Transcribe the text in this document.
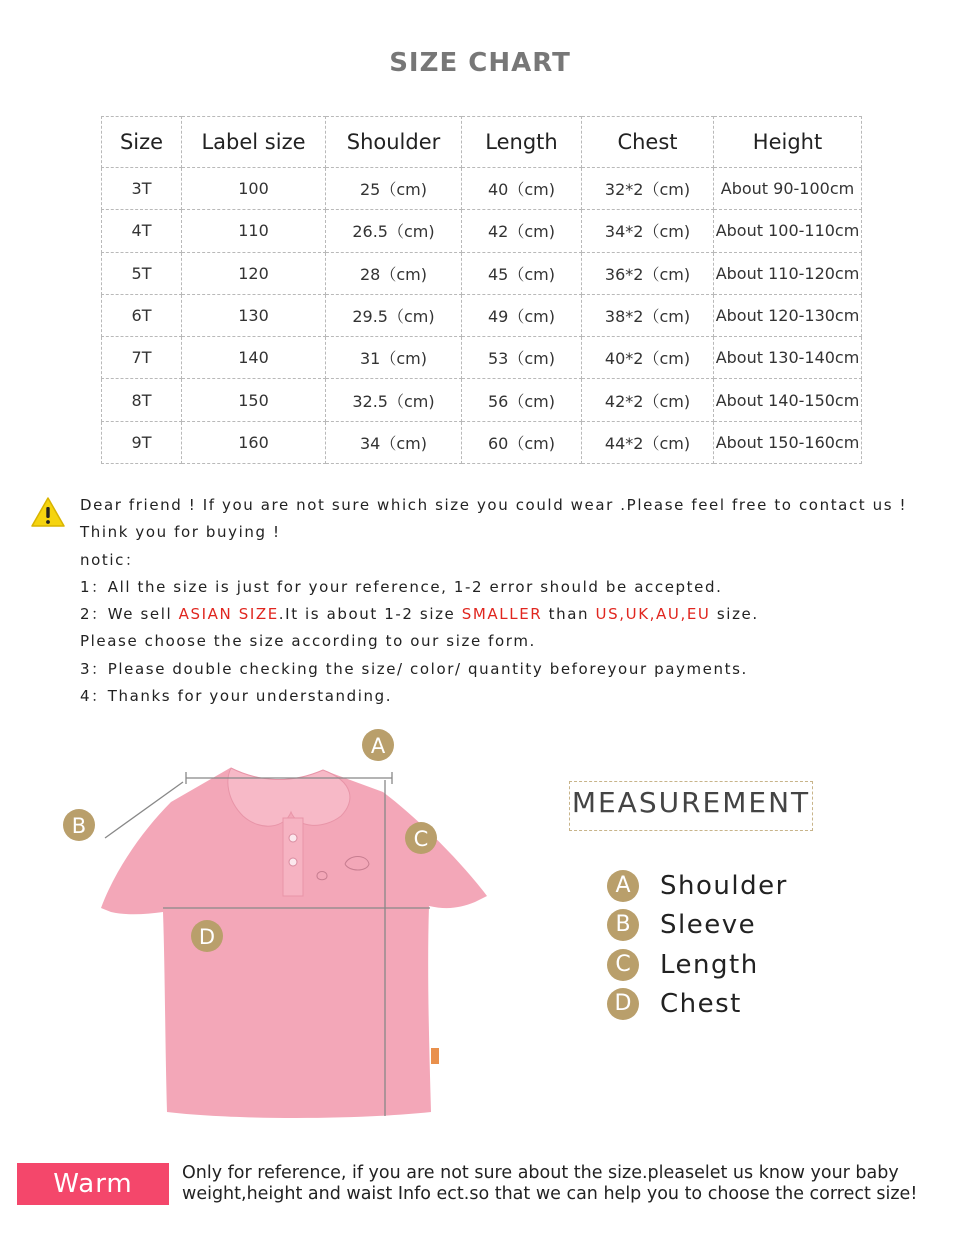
SIZE CHART
Size	Label size	Shoulder	Length	Chest	Height
3T	100	25（cm)	40（cm)	32*2（cm)	About 90-100cm
4T	110	26.5（cm)	42（cm)	34*2（cm)	About 100-110cm
5T	120	28（cm)	45（cm)	36*2（cm)	About 110-120cm
6T	130	29.5（cm)	49（cm)	38*2（cm)	About 120-130cm
7T	140	31（cm)	53（cm)	40*2（cm)	About 130-140cm
8T	150	32.5（cm)	56（cm)	42*2（cm)	About 140-150cm
9T	160	34（cm)	60（cm)	44*2（cm)	About 150-160cm

Dear friend ! If you are not sure which size you could wear .Please feel free to contact us !

Think you for buying !

notic：

1：All the size is just for your reference, 1-2 error should be accepted.

2：We sell ASIAN SIZE.It is about 1-2 size SMALLER than US,UK,AU,EU size.

Please choose the size according to our size form.

3：Please double checking the size/ color/ quantity beforeyour payments.

4：Thanks for your understanding.

A
B
C
D
MEASUREMENT
A	Shoulder
B	Sleeve
C	Length
D Chest
Warm Tips:

Only for reference, if you are not sure about the size.pleaselet us know your baby

weight,height and waist Info ect.so that we can help you to choose the correct size!
